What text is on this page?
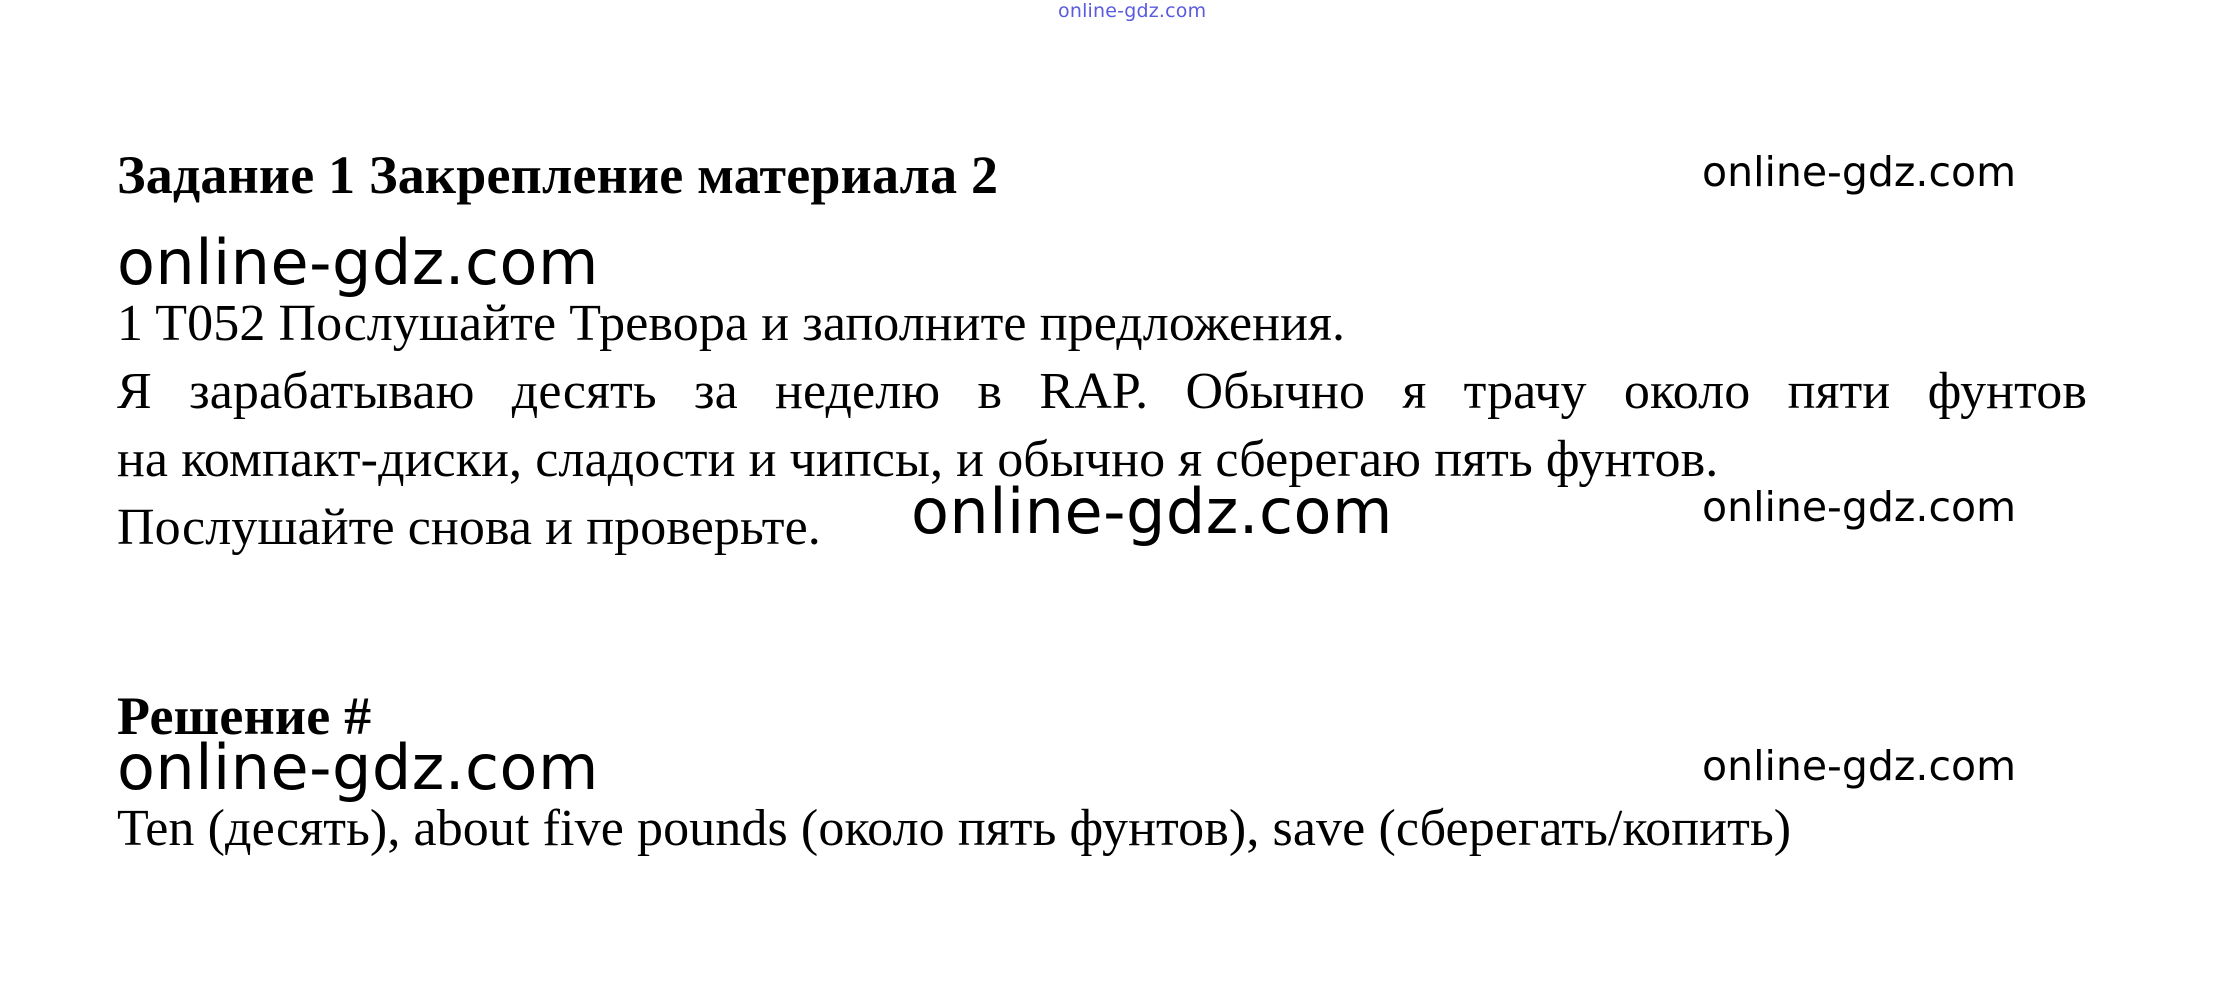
online-gdz.com
Задание 1 Закрепление материала 2	online-gdz.com
online-gdz.com
1 T052 Послушайте Тревора и заполните предложения.
Я зарабатываю десять за неделю в RAP. Обычно я трачу около пяти фунтов
на компакт-диски, сладости и чипсы, и обычно я сберегаю пять фунтов.
Послушайте снова и проверьте. online-gdz.com	online-gdz.com
Решение #
online-gdz.com	online-gdz.com
Ten (десять), about five pounds (около пять фунтов), save (сберегать/копить)
